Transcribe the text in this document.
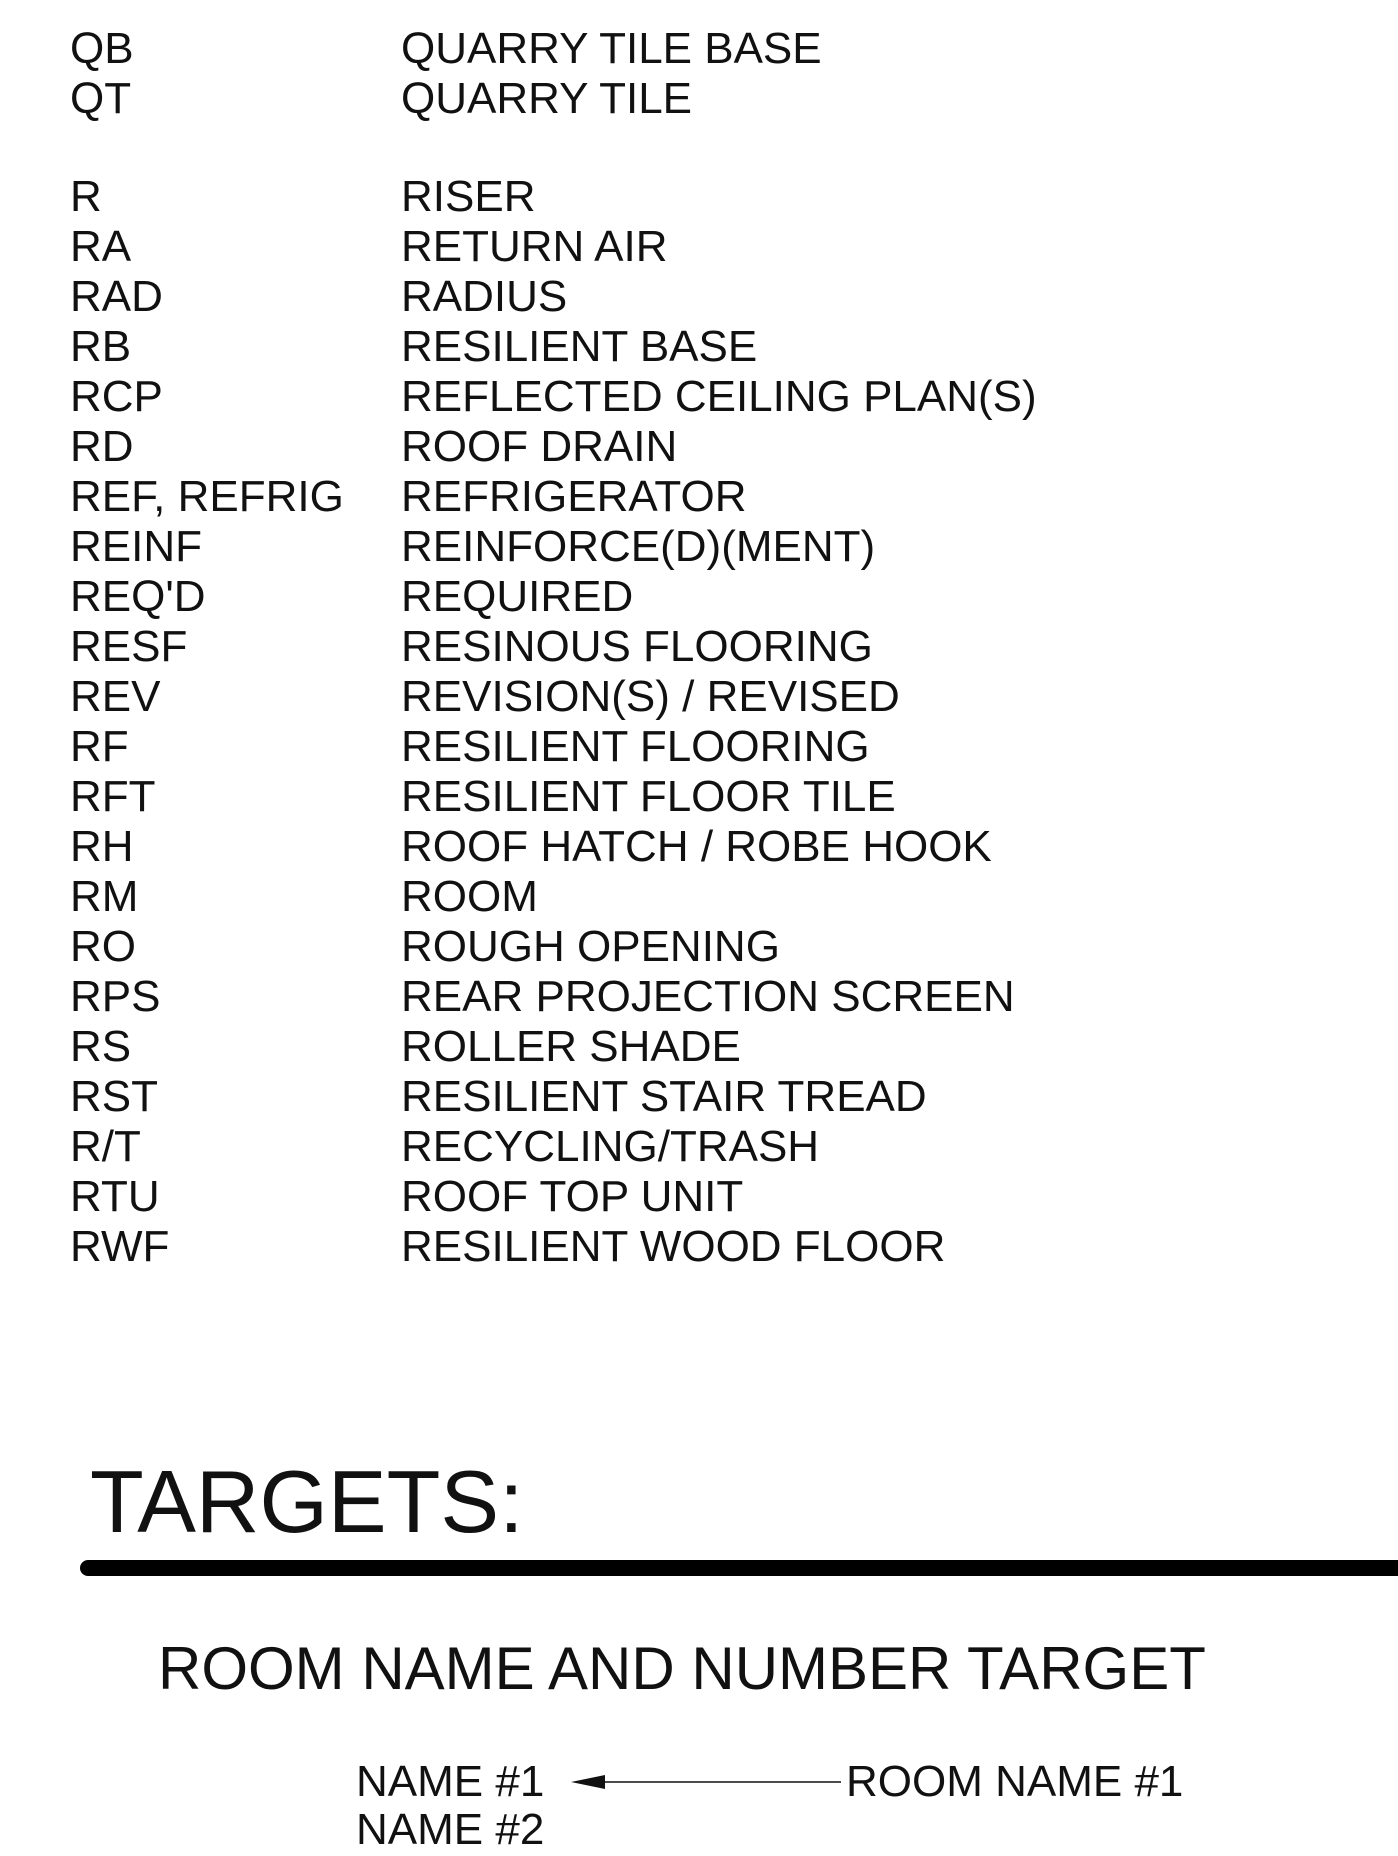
QB	QUARRY TILE BASE
QT	QUARRY TILE
R	RISER
RA	RETURN AIR
RAD	RADIUS
RB	RESILIENT BASE
RCP	REFLECTED CEILING PLAN(S)
RD	ROOF DRAIN
REF, REFRIG	REFRIGERATOR
REINF	REINFORCE(D)(MENT)
REQ'D	REQUIRED
RESF	RESINOUS FLOORING
REV	REVISION(S) / REVISED
RF	RESILIENT FLOORING
RFT	RESILIENT FLOOR TILE
RH	ROOF HATCH / ROBE HOOK
RM	ROOM
RO	ROUGH OPENING
RPS	REAR PROJECTION SCREEN
RS	ROLLER SHADE
RST	RESILIENT STAIR TREAD
R/T	RECYCLING/TRASH
RTU	ROOF TOP UNIT
RWF	RESILIENT WOOD FLOOR
TARGETS:
ROOM NAME AND NUMBER TARGET
NAME #1	ROOM NAME #1
NAME #2
